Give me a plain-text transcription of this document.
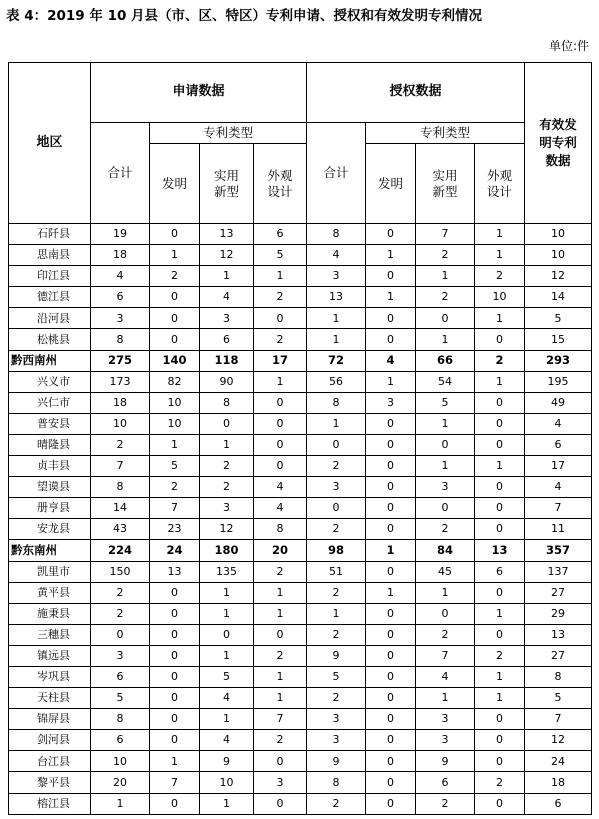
表 4：2019 年 10 月县（市、区、特区）专利申请、授权和有效发明专利情况
单位:件
地区	申请数据				授权数据				有效发明专利数据
	合计	专利类型			合计	专利类型			
		发明	实用新型	外观设计		发明	实用新型	外观设计	
石阡县	19	0	13	6	8	0	7	1	10
思南县	18	1	12	5	4	1	2	1	10
印江县	4	2	1	1	3	0	1	2	12
德江县	6	0	4	2	13	1	2	10	14
沿河县	3	0	3	0	1	0	0	1	5
松桃县	8	0	6	2	1	0	1	0	15
黔西南州	275	140	118	17	72	4	66	2	293
兴义市	173	82	90	1	56	1	54	1	195
兴仁市	18	10	8	0	8	3	5	0	49
普安县	10	10	0	0	1	0	1	0	4
晴隆县	2	1	1	0	0	0	0	0	6
贞丰县	7	5	2	0	2	0	1	1	17
望谟县	8	2	2	4	3	0	3	0	4
册亨县	14	7	3	4	0	0	0	0	7
安龙县	43	23	12	8	2	0	2	0	11
黔东南州	224	24	180	20	98	1	84	13	357
凯里市	150	13	135	2	51	0	45	6	137
黄平县	2	0	1	1	2	1	1	0	27
施秉县	2	0	1	1	1	0	0	1	29
三穗县	0	0	0	0	2	0	2	0	13
镇远县	3	0	1	2	9	0	7	2	27
岑巩县	6	0	5	1	5	0	4	1	8
天柱县	5	0	4	1	2	0	1	1	5
锦屏县	8	0	1	7	3	0	3	0	7
剑河县	6	0	4	2	3	0	3	0	12
台江县	10	1	9	0	9	0	9	0	24
黎平县	20	7	10	3	8	0	6	2	18
榕江县	1	0	1	0	2	0	2	0	6
